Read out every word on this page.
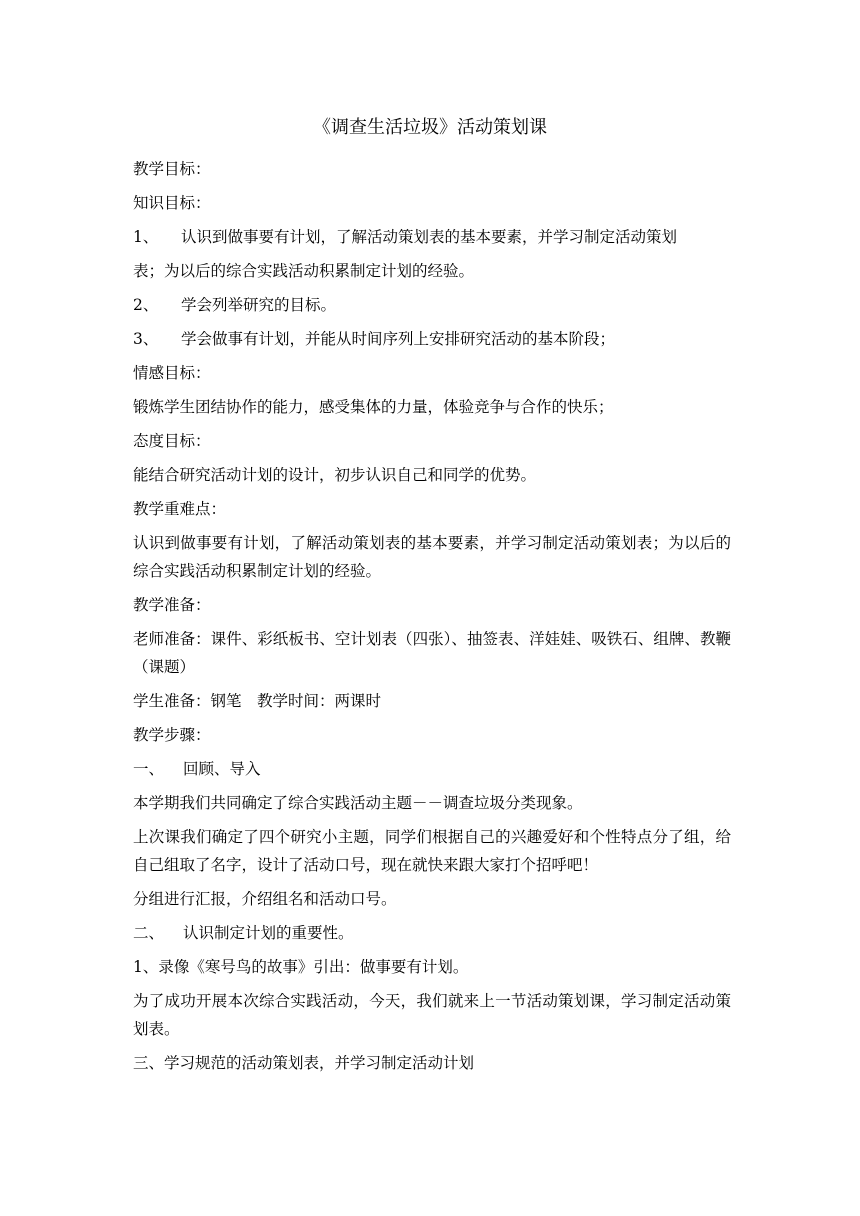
《调查生活垃圾》活动策划课
教学目标：
知识目标：
1、	认识到做事要有计划，了解活动策划表的基本要素，并学习制定活动策划
表；为以后的综合实践活动积累制定计划的经验。
2、	学会列举研究的目标。
3、	学会做事有计划，并能从时间序列上安排研究活动的基本阶段；
情感目标：
锻炼学生团结协作的能力，感受集体的力量，体验竞争与合作的快乐；
态度目标：
能结合研究活动计划的设计，初步认识自己和同学的优势。
教学重难点：
认识到做事要有计划，了解活动策划表的基本要素，并学习制定活动策划表；为以后的综合实践活动积累制定计划的经验。
教学准备：
老师准备：课件、彩纸板书、空计划表（四张）、抽签表、洋娃娃、吸铁石、组牌、教鞭（课题）
学生准备：钢笔　教学时间：两课时
教学步骤：
一、	回顾、导入
本学期我们共同确定了综合实践活动主题－－调查垃圾分类现象。
上次课我们确定了四个研究小主题，同学们根据自己的兴趣爱好和个性特点分了组，给自己组取了名字，设计了活动口号，现在就快来跟大家打个招呼吧！
分组进行汇报，介绍组名和活动口号。
二、	认识制定计划的重要性。
1、录像《寒号鸟的故事》引出：做事要有计划。
为了成功开展本次综合实践活动，今天，我们就来上一节活动策划课，学习制定活动策划表。
三、学习规范的活动策划表，并学习制定活动计划
